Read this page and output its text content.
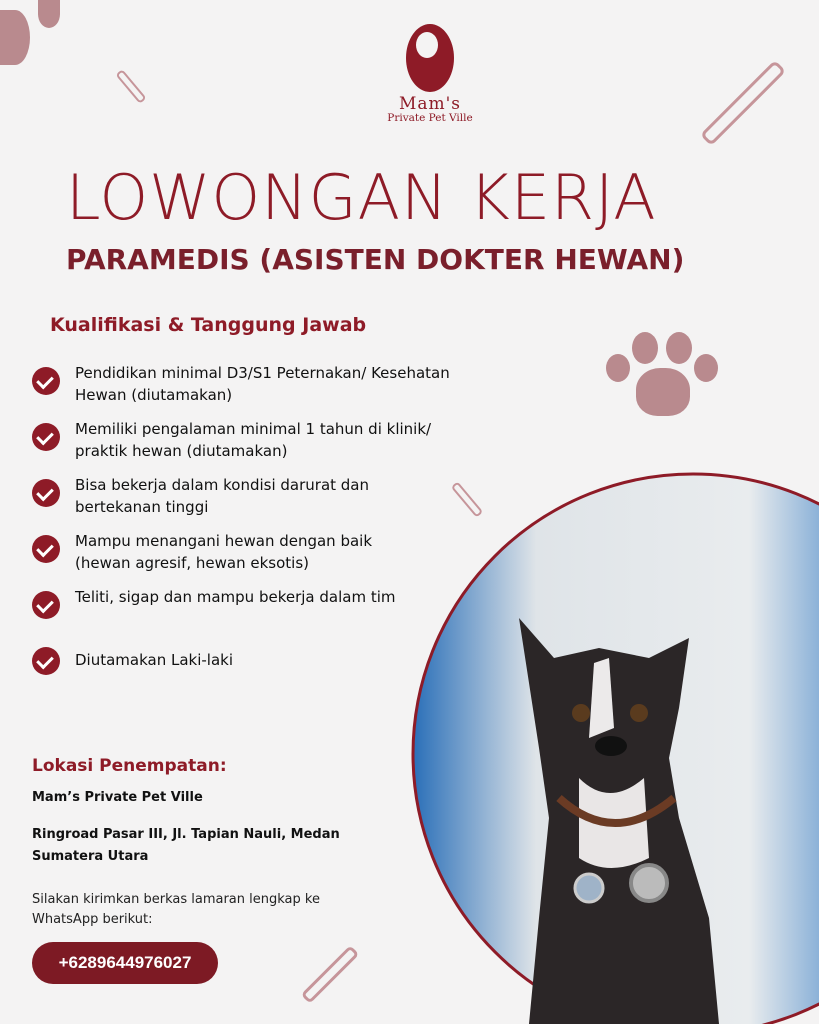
Mam's
Private Pet Ville
LOWONGAN KERJA
PARAMEDIS (ASISTEN DOKTER HEWAN)
Kualifikasi & Tanggung Jawab
Pendidikan minimal D3/S1 Peternakan/ Kesehatan Hewan (diutamakan)
Memiliki pengalaman minimal 1 tahun di klinik/ praktik hewan (diutamakan)
Bisa bekerja dalam kondisi darurat dan bertekanan tinggi
Mampu menangani hewan dengan baik (hewan agresif, hewan eksotis)
Teliti, sigap dan mampu bekerja dalam tim
Diutamakan Laki-laki
Lokasi Penempatan:
Mam’s Private Pet Ville
Ringroad Pasar III, Jl. Tapian Nauli, Medan Sumatera Utara
Silakan kirimkan berkas lamaran lengkap ke WhatsApp berikut:
+6289644976027
